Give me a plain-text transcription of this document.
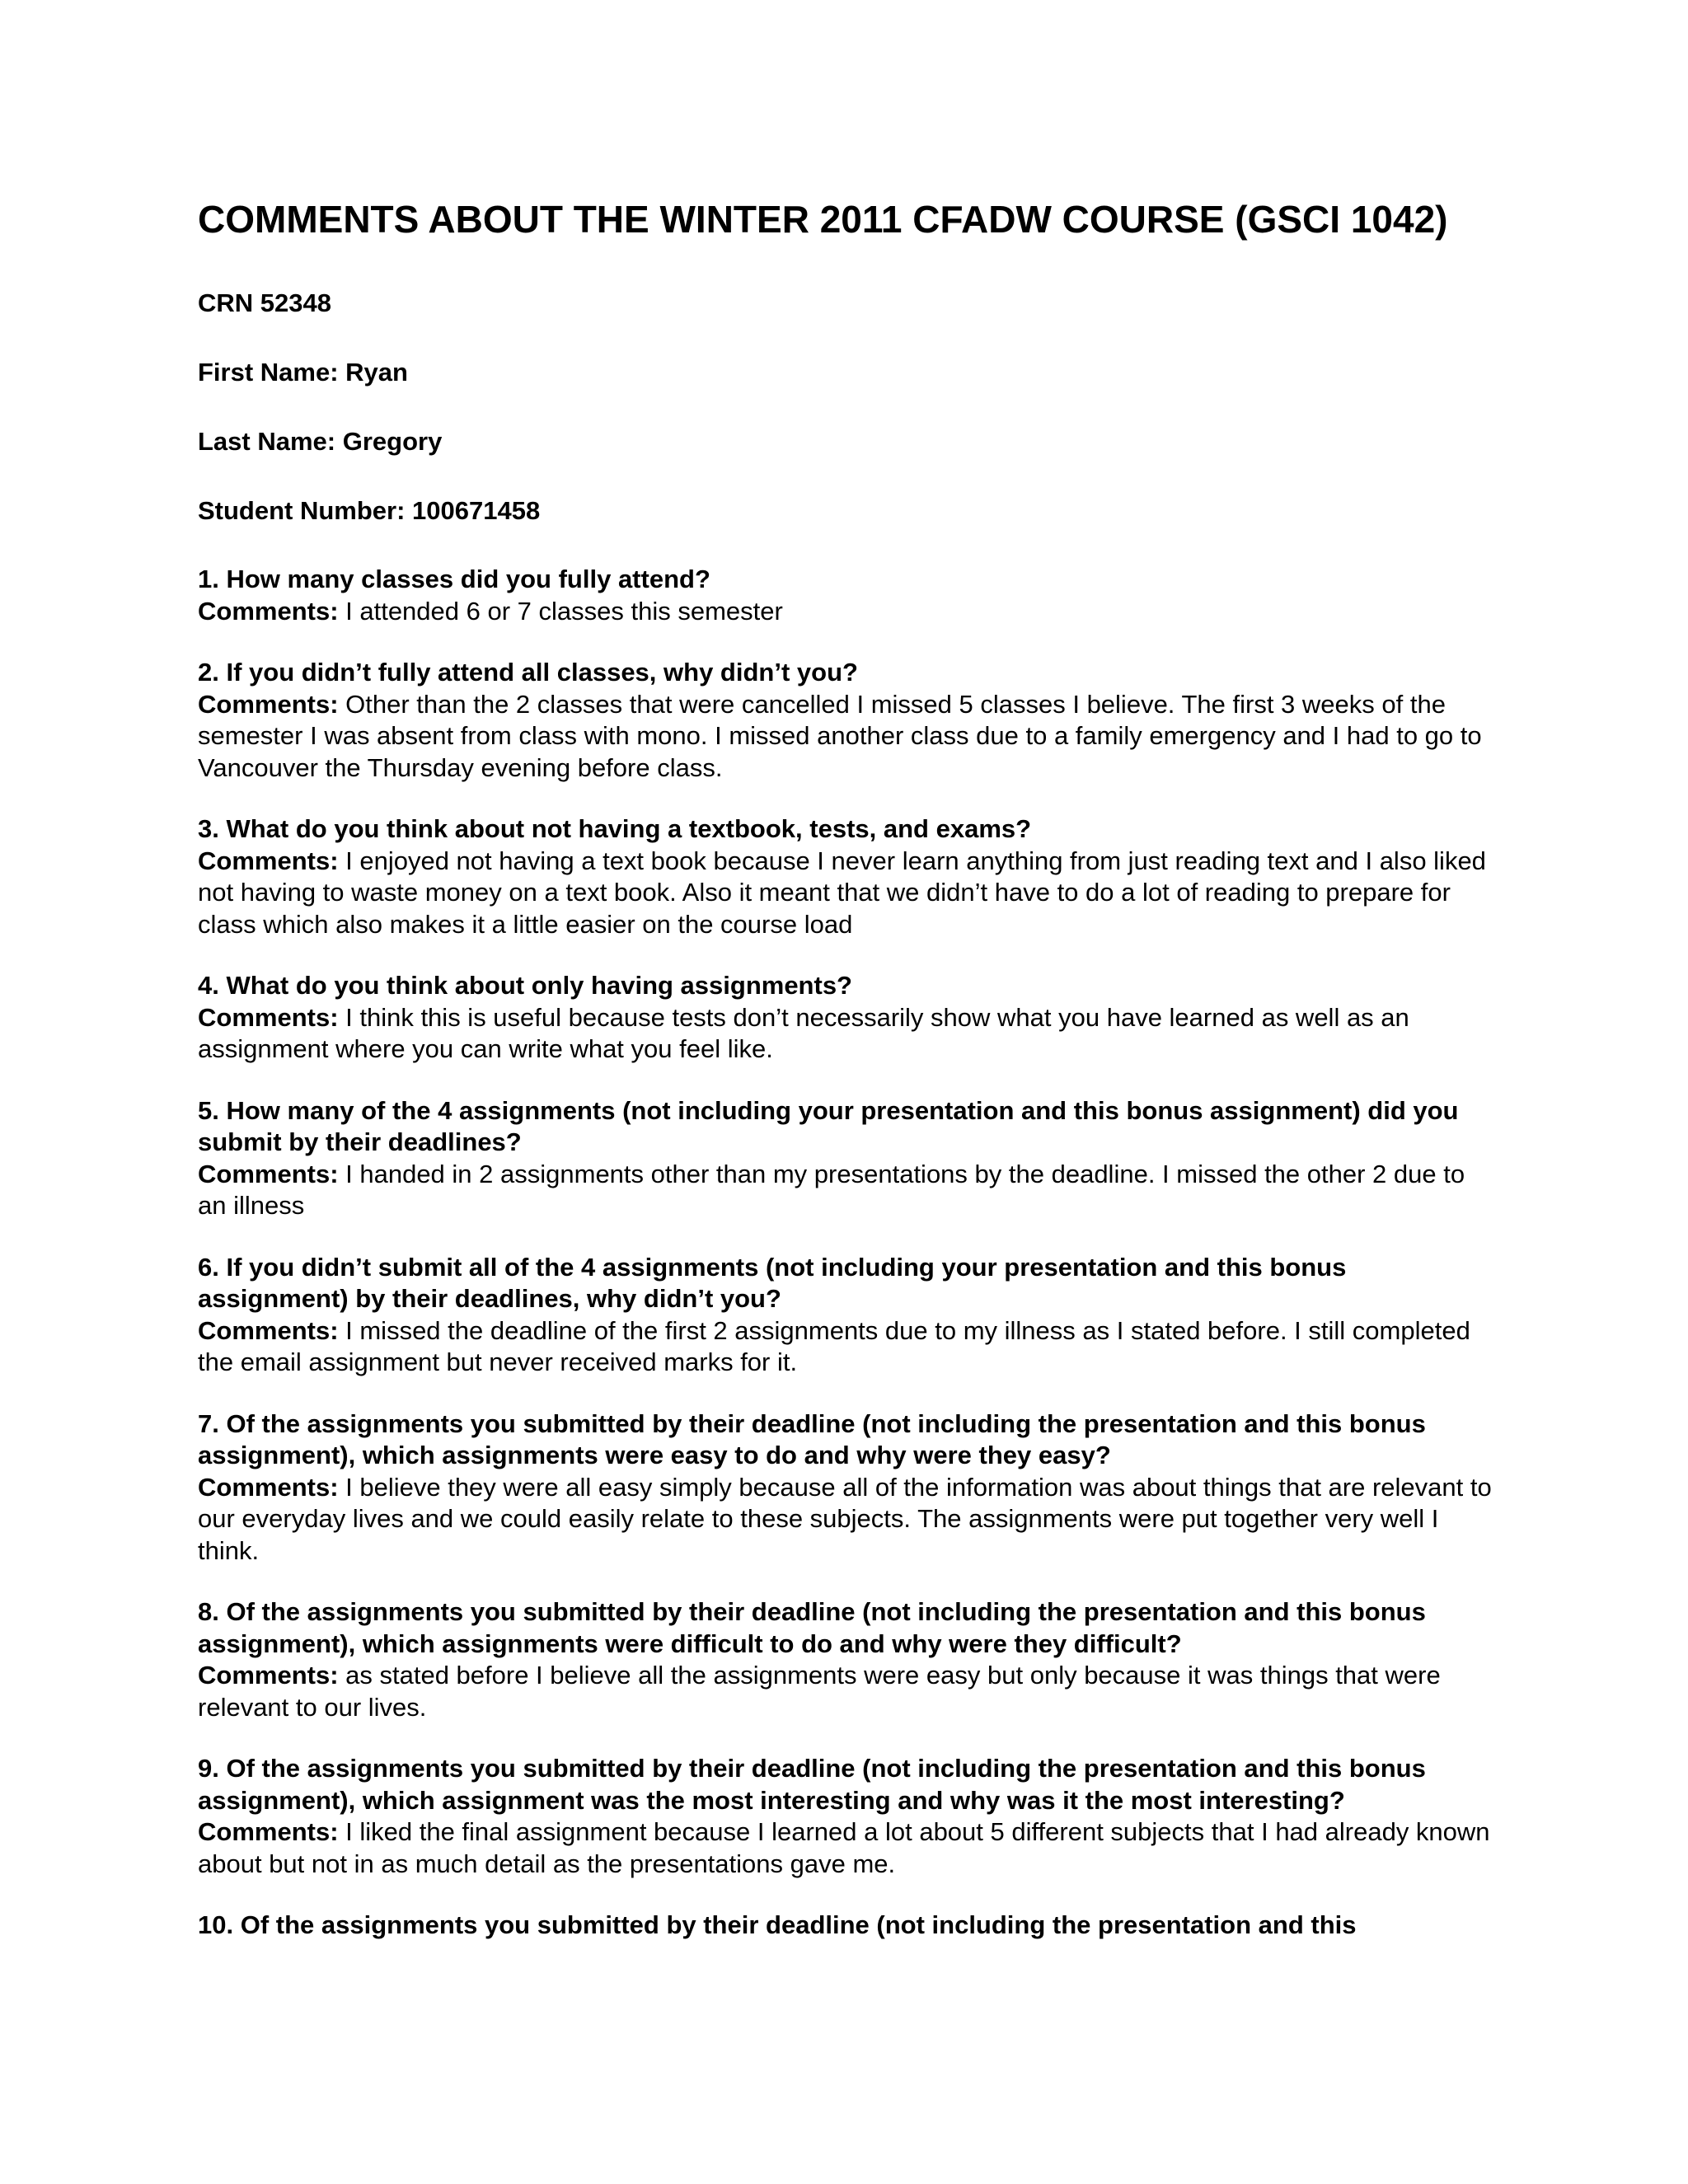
COMMENTS ABOUT THE WINTER 2011 CFADW COURSE (GSCI 1042)
CRN 52348
First Name: Ryan
Last Name: Gregory
Student Number: 100671458

1. How many classes did you fully attend?

Comments: I attended 6 or 7 classes this semester

2. If you didn’t fully attend all classes, why didn’t you?

Comments: Other than the 2 classes that were cancelled I missed 5 classes I believe. The first 3 weeks of the semester I was absent from class with mono. I missed another class due to a family emergency and I had to go to Vancouver the Thursday evening before class.

3. What do you think about not having a textbook, tests, and exams?

Comments: I enjoyed not having a text book because I never learn anything from just reading text and I also liked not having to waste money on a text book. Also it meant that we didn’t have to do a lot of reading to prepare for class which also makes it a little easier on the course load

4. What do you think about only having assignments?

Comments: I think this is useful because tests don’t necessarily show what you have learned as well as an assignment where you can write what you feel like.

5. How many of the 4 assignments (not including your presentation and this bonus assignment) did you submit by their deadlines?

Comments: I handed in 2 assignments other than my presentations by the deadline. I missed the other 2 due to an illness

6. If you didn’t submit all of the 4 assignments (not including your presentation and this bonus assignment) by their deadlines, why didn’t you?

Comments: I missed the deadline of the first 2 assignments due to my illness as I stated before. I still completed the email assignment but never received marks for it.

7. Of the assignments you submitted by their deadline (not including the presentation and this bonus assignment), which assignments were easy to do and why were they easy?

Comments: I believe they were all easy simply because all of the information was about things that are relevant to our everyday lives and we could easily relate to these subjects. The assignments were put together very well I think.

8. Of the assignments you submitted by their deadline (not including the presentation and this bonus assignment), which assignments were difficult to do and why were they difficult?

Comments: as stated before I believe all the assignments were easy but only because it was things that were relevant to our lives.

9. Of the assignments you submitted by their deadline (not including the presentation and this bonus assignment), which assignment was the most interesting and why was it the most interesting?

Comments: I liked the final assignment because I learned a lot about 5 different subjects that I had already known about but not in as much detail as the presentations gave me.

10. Of the assignments you submitted by their deadline (not including the presentation and this
